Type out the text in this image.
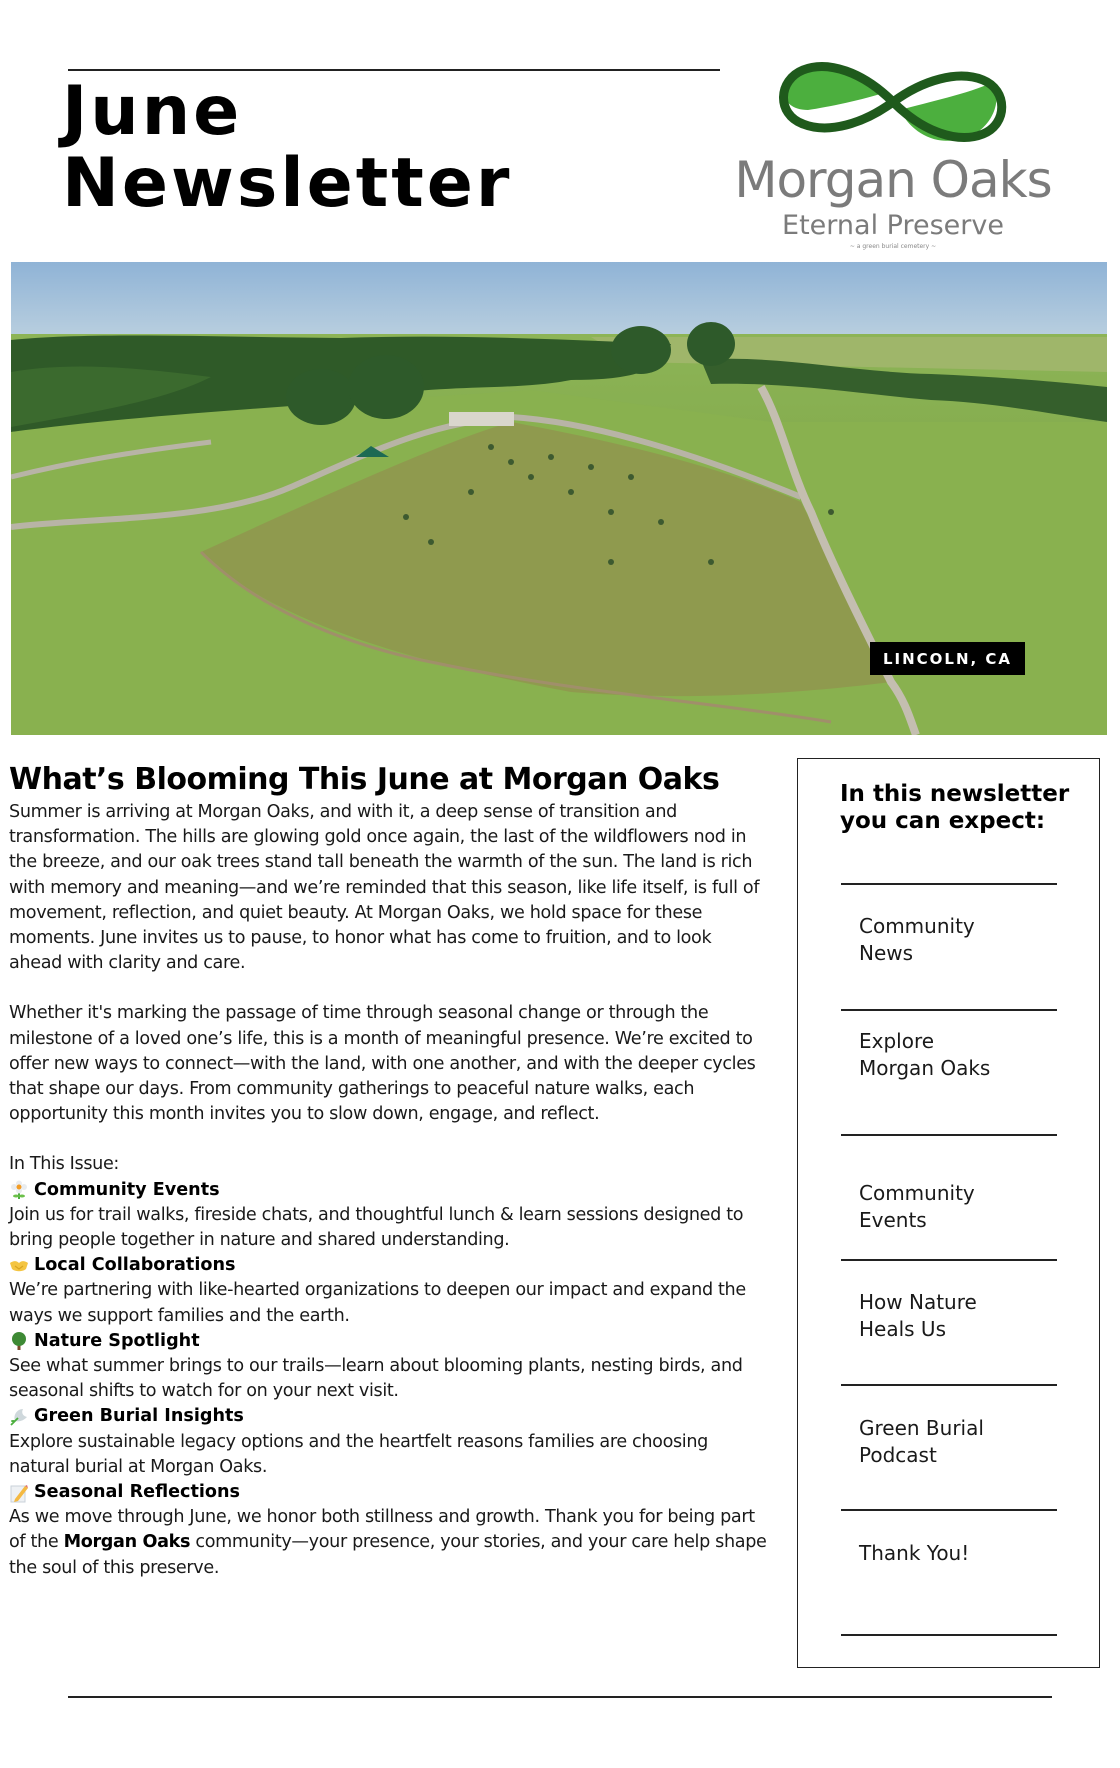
June
Newsletter	Morgan Oaks
Eternal Preserve
~ a green burial cemetery ~
LINCOLN, CA
What’s Blooming This June at Morgan Oaks

Summer is arriving at Morgan Oaks, and with it, a deep sense of transition and transformation. The hills are glowing gold once again, the last of the wildflowers nod in the breeze, and our oak trees stand tall beneath the warmth of the sun. The land is rich with memory and meaning—and we’re reminded that this season, like life itself, is full of movement, reflection, and quiet beauty. At Morgan Oaks, we hold space for these moments. June invites us to pause, to honor what has come to fruition, and to look ahead with clarity and care.

Whether it's marking the passage of time through seasonal change or through the milestone of a loved one’s life, this is a month of meaningful presence. We’re excited to offer new ways to connect—with the land, with one another, and with the deeper cycles that shape our days. From community gatherings to peaceful nature walks, each opportunity this month invites you to slow down, engage, and reflect.

In This Issue:
Community Events
Join us for trail walks, fireside chats, and thoughtful lunch & learn sessions designed to bring people together in nature and shared understanding.
Local Collaborations
We’re partnering with like-hearted organizations to deepen our impact and expand the ways we support families and the earth.
Nature Spotlight
See what summer brings to our trails—learn about blooming plants, nesting birds, and seasonal shifts to watch for on your next visit.
Green Burial Insights
Explore sustainable legacy options and the heartfelt reasons families are choosing natural burial at Morgan Oaks.
Seasonal Reflections
As we move through June, we honor both stillness and growth. Thank you for being part of the Morgan Oaks community—your presence, your stories, and your care help shape the soul of this preserve.
In this newsletter you can expect:
Community
News
Explore
Morgan Oaks
Community
Events
How Nature
Heals Us
Green Burial
Podcast
Thank You!
